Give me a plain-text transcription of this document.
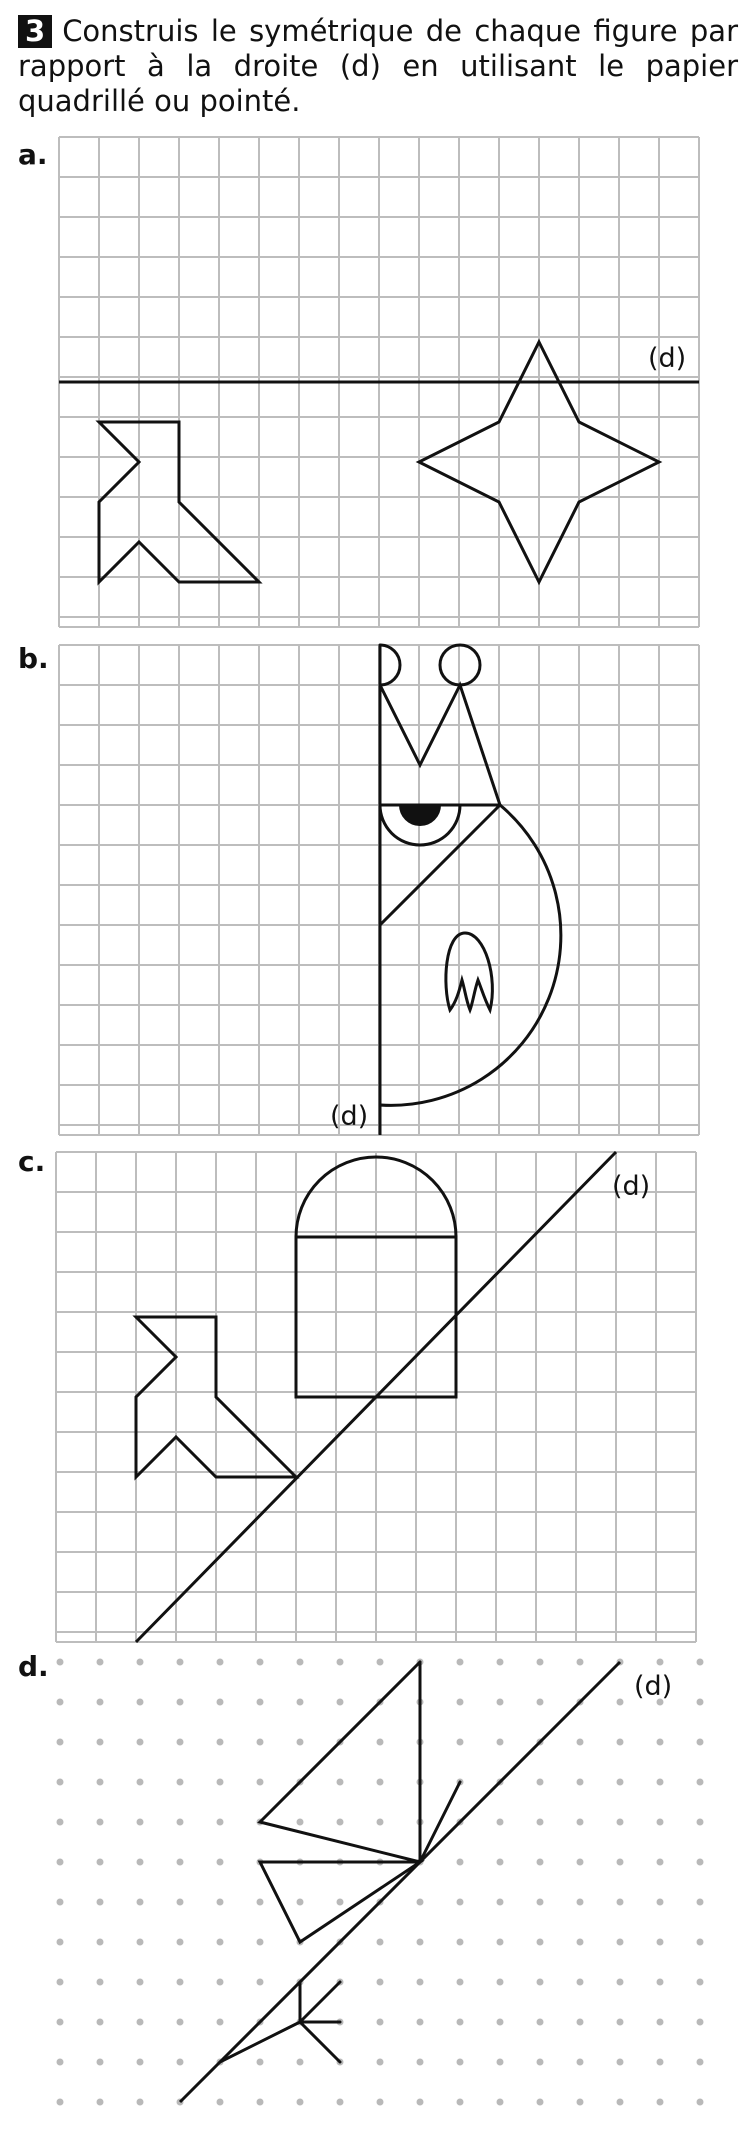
3 Construis le symétrique de chaque figure par rapport à la droite (d) en utilisant le papier quadrillé ou pointé.
a.
b.
c.
d.
(d)
(d)
(d)
(d)
